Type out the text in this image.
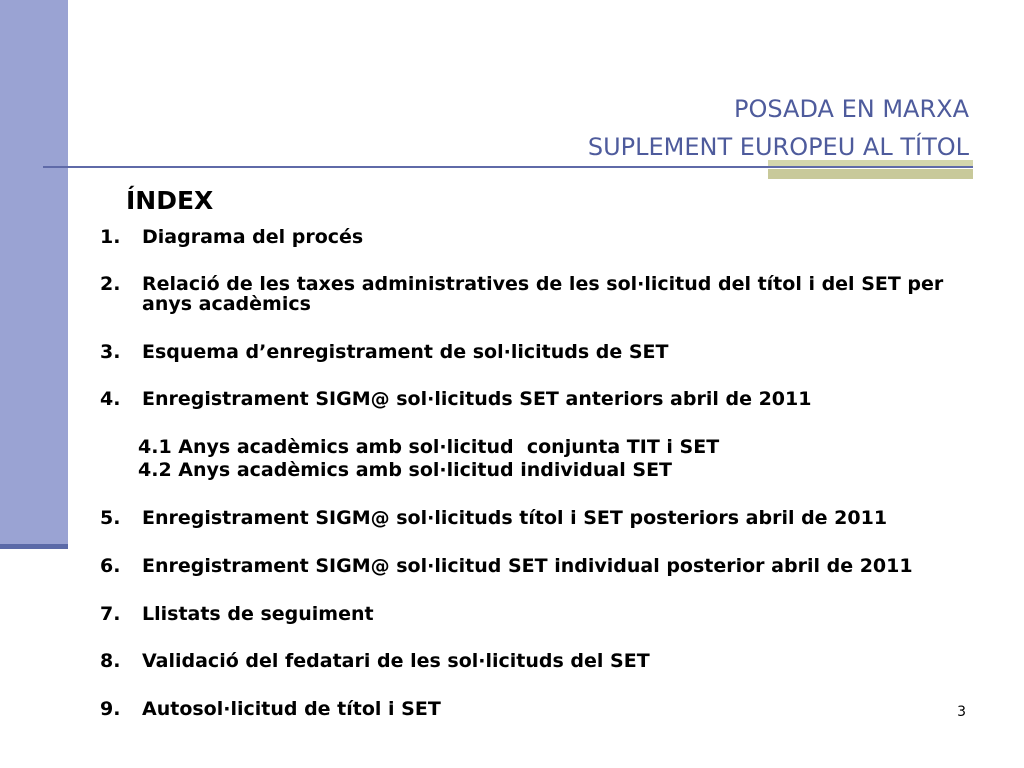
POSADA EN MARXA
SUPLEMENT EUROPEU AL TÍTOL
ÍNDEX
1. Diagrama del procés
2. Relació de les taxes administratives de les sol·licitud del títol i del SET per
anys acadèmics
3. Esquema d’enregistrament de sol·licituds de SET
4. Enregistrament SIGM@ sol·licituds SET anteriors abril de 2011
4.1 Anys acadèmics amb sol·licitud  conjunta TIT i SET
4.2 Anys acadèmics amb sol·licitud individual SET
5. Enregistrament SIGM@ sol·licituds títol i SET posteriors abril de 2011
6. Enregistrament SIGM@ sol·licitud SET individual posterior abril de 2011
7. Llistats de seguiment
8. Validació del fedatari de les sol·licituds del SET
9. Autosol·licitud de títol i SET	3
